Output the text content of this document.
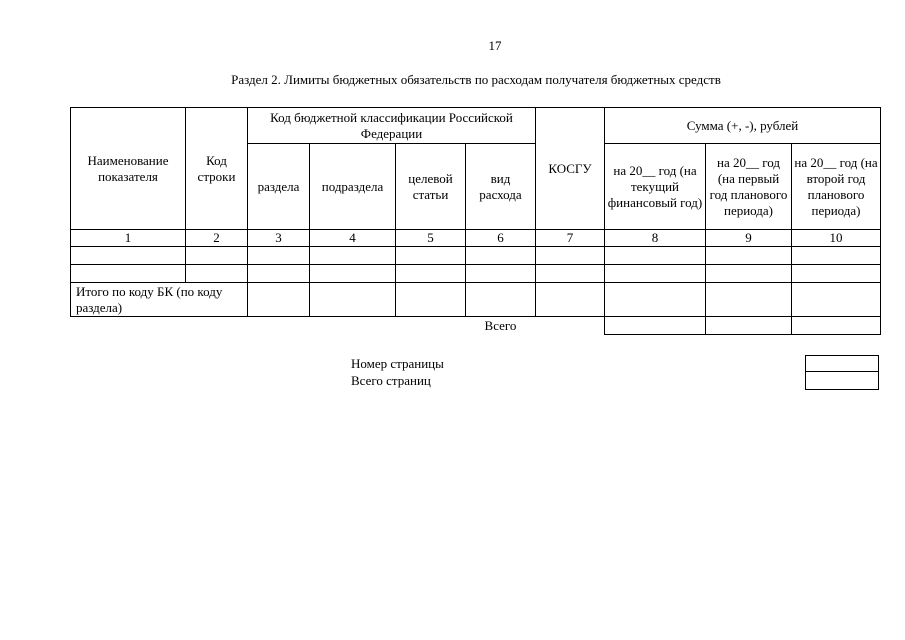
17
Раздел 2. Лимиты бюджетных обязательств по расходам получателя бюджетных средств
Наименование показателя	Код строки	Код бюджетной классификации Российской Федерации				КОСГУ	Сумма (+, -), рублей		
		раздела	подраздела	целевой статьи	вид расхода		на 20__ год (на текущий финансовый год)	на 20__ год (на первый год планового периода)	на 20__ год (на второй год планового периода)
1	2	3	4	5	6	7	8	9	10

Итого по коду БК (по коду раздела)									
					Всего				
Номер страницы
Всего страниц
